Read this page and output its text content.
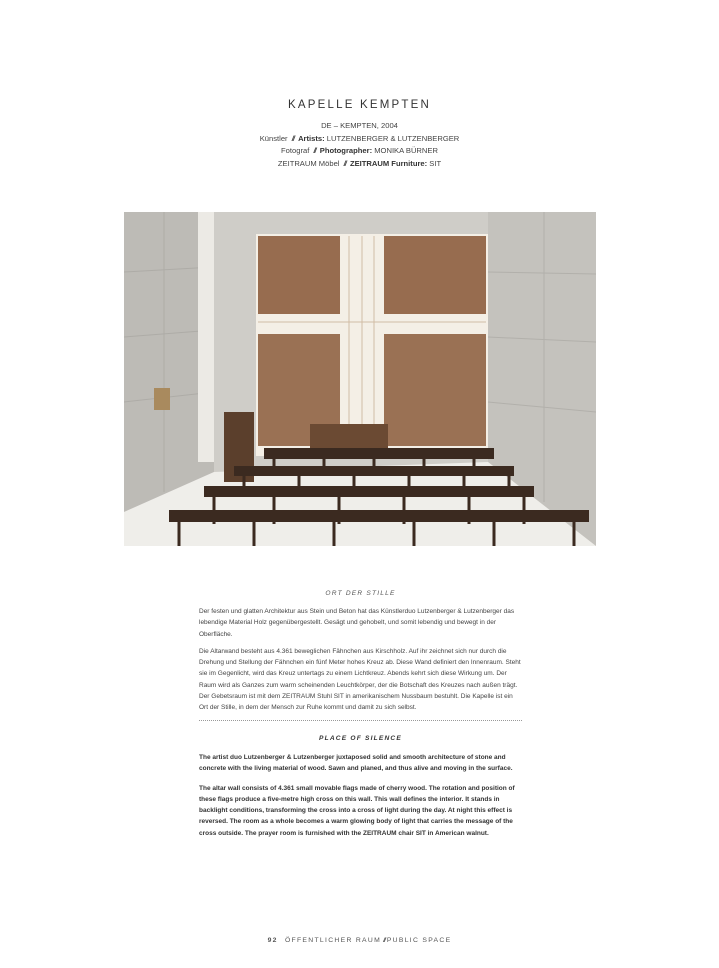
KAPELLE KEMPTEN
DE – KEMPTEN, 2004
Künstler // Artists: LUTZENBERGER & LUTZENBERGER
Fotograf // Photographer: MONIKA BÜRNER
ZEITRAUM Möbel // ZEITRAUM Furniture: SIT
ORT DER STILLE

Der festen und glatten Architektur aus Stein und Beton hat das Künstlerduo Lutzenberger & Lutzenberger das lebendige Material Holz gegenübergestellt. Gesägt und gehobelt, und somit lebendig und bewegt in der Oberfläche.

Die Altarwand besteht aus 4.361 beweglichen Fähnchen aus Kirschholz. Auf ihr zeichnet sich nur durch die Drehung und Stellung der Fähnchen ein fünf Meter hohes Kreuz ab. Diese Wand definiert den Innenraum. Steht sie im Gegenlicht, wird das Kreuz untertags zu einem Lichtkreuz. Abends kehrt sich diese Wirkung um. Der Raum wird als Ganzes zum warm scheinenden Leuchtkörper, der die Botschaft des Kreuzes nach außen trägt. Der Gebetsraum ist mit dem ZEITRAUM Stuhl SIT in amerikanischem Nussbaum bestuhlt. Die Kapelle ist ein Ort der Stille, in dem der Mensch zur Ruhe kommt und damit zu sich selbst.

PLACE OF SILENCE

The artist duo Lutzenberger & Lutzenberger juxtaposed solid and smooth architecture of stone and concrete with the living material of wood. Sawn and planed, and thus alive and moving in the surface.

The altar wall consists of 4.361 small movable flags made of cherry wood. The rotation and position of these flags produce a five-metre high cross on this wall. This wall defines the interior. It stands in backlight conditions, transforming the cross into a cross of light during the day. At night this effect is reversed. The room as a whole becomes a warm glowing body of light that carries the message of the cross outside. The prayer room is furnished with the ZEITRAUM chair SIT in American walnut.

92 ÖFFENTLICHER RAUM // PUBLIC SPACE
